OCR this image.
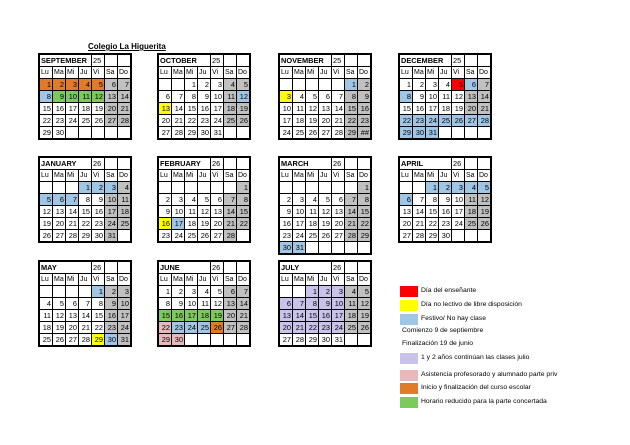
Colegio La Higuerita
SEPTEMBER				25		
Lu	Ma	Mi	Ju	Vi	Sa	Do
1	2	3	4	5	6	7
8	9	10	11	12	13	14
15	16	17	18	19	20	21
22	23	24	25	26	27	28
29	30					
OCTOBER				25		
Lu	Ma	Mi	Ju	Vi	Sa	Do
		1	2	3	4	5
6	7	8	9	10	11	12
13	14	15	16	17	18	19
20	21	22	23	24	25	26
27	28	29	30	31		
NOVEMBER				25		
Lu	Ma	Mi	Ju	Vi	Sa	Do
					1	2
3	4	5	6	7	8	9
10	11	12	13	14	15	16
17	18	19	20	21	22	23
24	25	26	27	28	29	##
DECEMBER				25		
Lu	Ma	Mi	Ju	Vi	Sa	Do
1	2	3	4	5	6	7
8	9	10	11	12	13	14
15	16	17	18	19	20	21
22	23	24	25	26	27	28
29	30	31				
JANUARY				26		
Lu	Ma	Mi	Ju	Vi	Sa	Do
			1	2	3	4
5	6	7	8	9	10	11
12	13	14	15	16	17	18
19	20	21	22	23	24	25
26	27	28	29	30	31	
FEBRUARY				26		
Lu	Ma	Mi	Ju	Vi	Sa	Do
						1
2	3	4	5	6	7	8
9	10	11	12	13	14	15
16	17	18	19	20	21	22
23	24	25	26	27	28	
MARCH				26		
Lu	Ma	Mi	Ju	Vi	Sa	Do
						1
2	3	4	5	6	7	8
9	10	11	12	13	14	15
16	17	18	19	20	21	22
23	24	25	26	27	28	29
30	31					
APRIL				26		
Lu	Ma	Mi	Ju	Vi	Sa	Do
		1	2	3	4	5
6	7	8	9	10	11	12
13	14	15	16	17	18	19
20	21	22	23	24	25	26
27	28	29	30			
MAY				26		
Lu	Ma	Mi	Ju	Vi	Sa	Do
				1	2	3
4	5	6	7	8	9	10
11	12	13	14	15	16	17
18	19	20	21	22	23	24
25	26	27	28	29	30	31
JUNE				26		
Lu	Ma	Mi	Ju	Vi	Sa	Do
1	2	3	4	5	6	7
8	9	10	11	12	13	14
15	16	17	18	19	20	21
22	23	24	25	26	27	28
29	30					
JULY				26		
Lu	Ma	Mi	Ju	Vi	Sa	Do
		1	2	3	4	5
6	7	8	9	10	11	12
13	14	15	16	17	18	19
20	21	22	23	24	25	26
27	28	29	30	31		
Día del enseñante
Día no lectivo de libre disposición
Festivo/ No hay clase
Comienzo 9 de septiembre
Finalización 19 de junio
1 y 2 años continúan las clases julio
Asistencia profesorado y alumnado parte priv
Inicio y finalización del curso escolar
Horario reducido para la parte concertada
